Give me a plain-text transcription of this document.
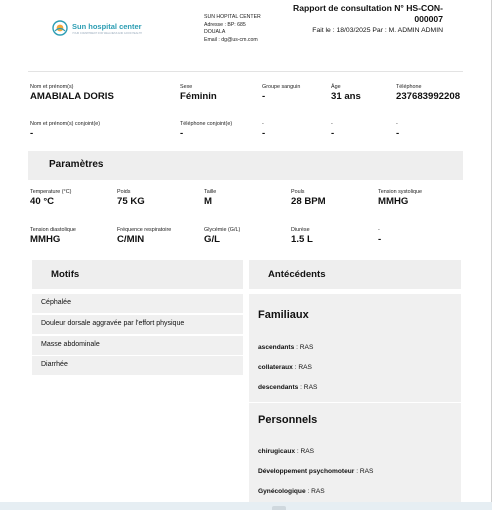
Sun hospital center
YOUR COMMITMENT FOR WELLNESS AND GOOD HEALTH
SUN HOPITAL CENTER
Adresse : BP: 685
DOUALA
Email : dg@us-cm.com
Rapport de consultation N° HS-CON-000007
Fait le : 18/03/2025 Par : M. ADMIN ADMIN
Nom et prénom(s)
AMABIALA DORIS
Sexe
Féminin
Groupe sanguin
-
Âge
31 ans
Téléphone
237683992208
Nom et prénom(s) conjoint(e)
-
Téléphone conjoint(e)
-
-
-
-
-
-
-
Paramètres
Temperature (°C)
40 °C
Poids
75 KG
Taille
M
Pouls
28 BPM
Tension systolique
MMHG
Tension diastolique
MMHG
Fréquence respiratoire
C/MIN
Glycémie (G/L)
G/L
Diurèse
1.5 L
-
-
Motifs
Céphalée
Douleur dorsale aggravée par l'effort physique
Masse abdominale
Diarrhée
Antécédents
Familiaux
ascendants : RAS
collateraux : RAS
descendants : RAS
Personnels
chirugicaux : RAS
Développement psychomoteur : RAS
Gynécologique : RAS
